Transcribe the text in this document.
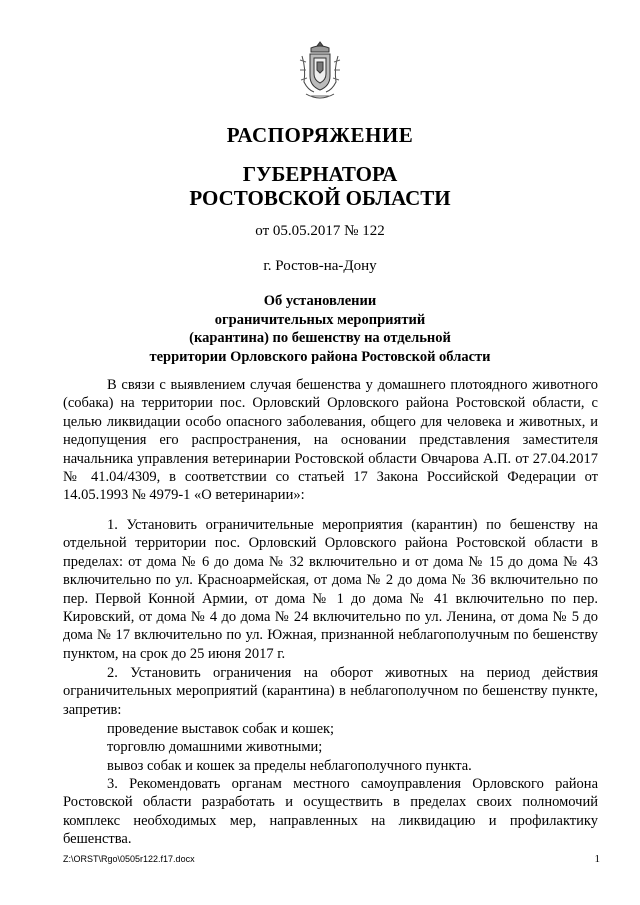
РАСПОРЯЖЕНИЕ
ГУБЕРНАТОРА
РОСТОВСКОЙ ОБЛАСТИ
от 05.05.2017 № 122
г. Ростов-на-Дону
Об установлении
ограничительных мероприятий
(карантина) по бешенству на отдельной
территории Орловского района Ростовской области
В связи с выявлением случая бешенства у домашнего плотоядного животного (собака) на территории пос. Орловский Орловского района Ростовской области, с целью ликвидации особо опасного заболевания, общего для человека и животных, и недопущения его распространения, на основании представления заместителя начальника управления ветеринарии Ростовской области Овчарова А.П. от 27.04.2017 № 41.04/4309, в соответствии со статьей 17 Закона Российской Федерации от 14.05.1993 № 4979-1 «О ветеринарии»:
1. Установить ограничительные мероприятия (карантин) по бешенству на отдельной территории пос. Орловский Орловского района Ростовской области в пределах: от дома № 6 до дома № 32 включительно и от дома № 15 до дома № 43 включительно по ул. Красноармейская, от дома № 2 до дома № 36 включительно по пер. Первой Конной Армии, от дома № 1 до дома № 41 включительно по пер. Кировский, от дома № 4 до дома № 24 включительно по ул. Ленина, от дома № 5 до дома № 17 включительно по ул. Южная, признанной неблагополучным по бешенству пунктом, на срок до 25 июня 2017 г.
2. Установить ограничения на оборот животных на период действия ограничительных мероприятий (карантина) в неблагополучном по бешенству пункте, запретив:
проведение выставок собак и кошек;
торговлю домашними животными;
вывоз собак и кошек за пределы неблагополучного пункта.
3. Рекомендовать органам местного самоуправления Орловского района Ростовской области разработать и осуществить в пределах своих полномочий комплекс необходимых мер, направленных на ликвидацию и профилактику бешенства.
Z:\ORST\Rgo\0505r122.f17.docx	1
